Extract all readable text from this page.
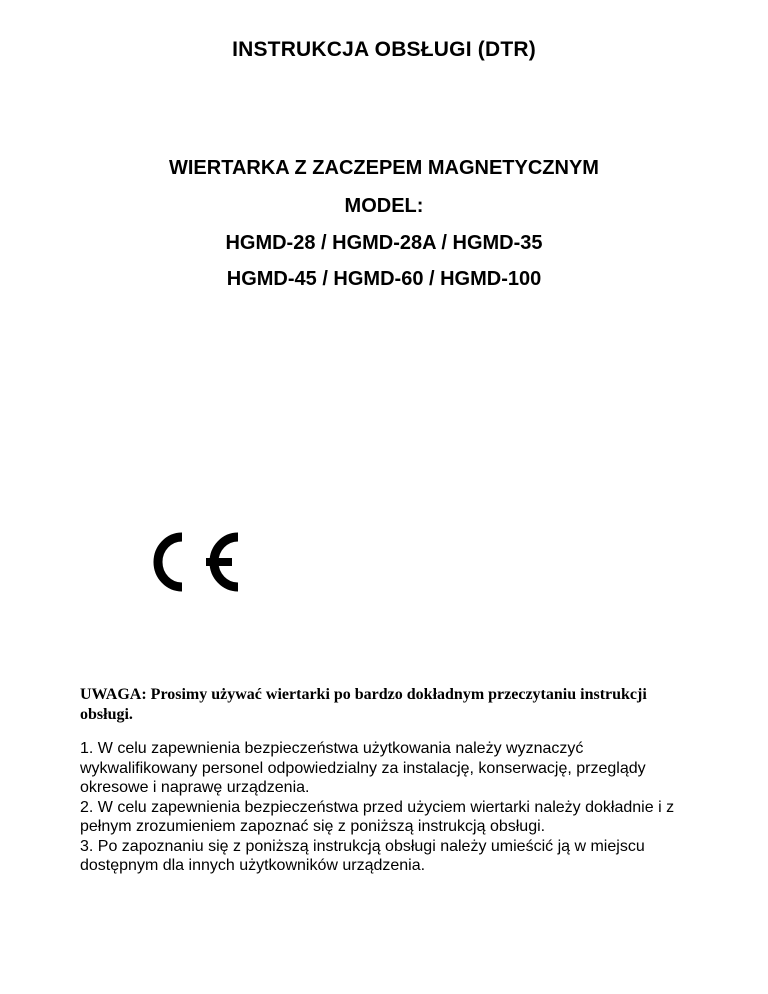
INSTRUKCJA OBSŁUGI (DTR)
WIERTARKA Z ZACZEPEM MAGNETYCZNYM
MODEL:
HGMD-28 / HGMD-28A / HGMD-35
HGMD-45 / HGMD-60 / HGMD-100
UWAGA: Prosimy używać wiertarki po bardzo dokładnym przeczytaniu instrukcji obsługi.

1. W celu zapewnienia bezpieczeństwa użytkowania należy wyznaczyć wykwalifikowany personel odpowiedzialny za instalację, konserwację, przeglądy okresowe i naprawę urządzenia.

2. W celu zapewnienia bezpieczeństwa przed użyciem wiertarki należy dokładnie i z pełnym zrozumieniem zapoznać się z poniższą instrukcją obsługi.

3. Po zapoznaniu się z poniższą instrukcją obsługi należy umieścić ją w miejscu dostępnym dla innych użytkowników urządzenia.
